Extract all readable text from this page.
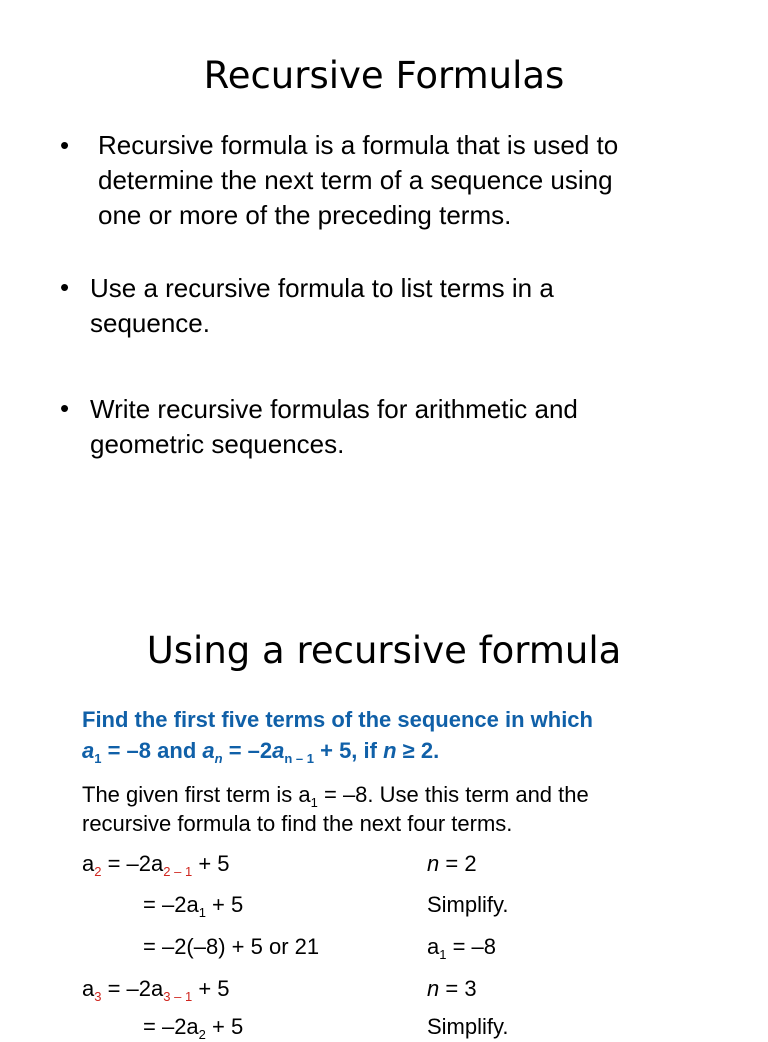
Recursive Formulas
• Recursive formula is a formula that is used to
determine the next term of a sequence using
one or more of the preceding terms.
• Use a recursive formula to list terms in a
sequence.
• Write recursive formulas for arithmetic and
geometric sequences.
Using a recursive formula
Find the first five terms of the sequence in which
$a_1 = -8$ and $a_n = -2a_{n - 1} + 5$, if n ≥ 2.
The given first term is $a_1 = -8$. Use this term and the
recursive formula to find the next four terms.
$a_2 = -2a_{2 - 1} + 5$	n = 2
= $-2a_1 + 5$	Simplify.
= –2(–8) + 5 or 21	$a_1 = -8$
$a_3 = -2a_{3 - 1} + 5$	n = 3
= $-2a_2 + 5$	Simplify.
